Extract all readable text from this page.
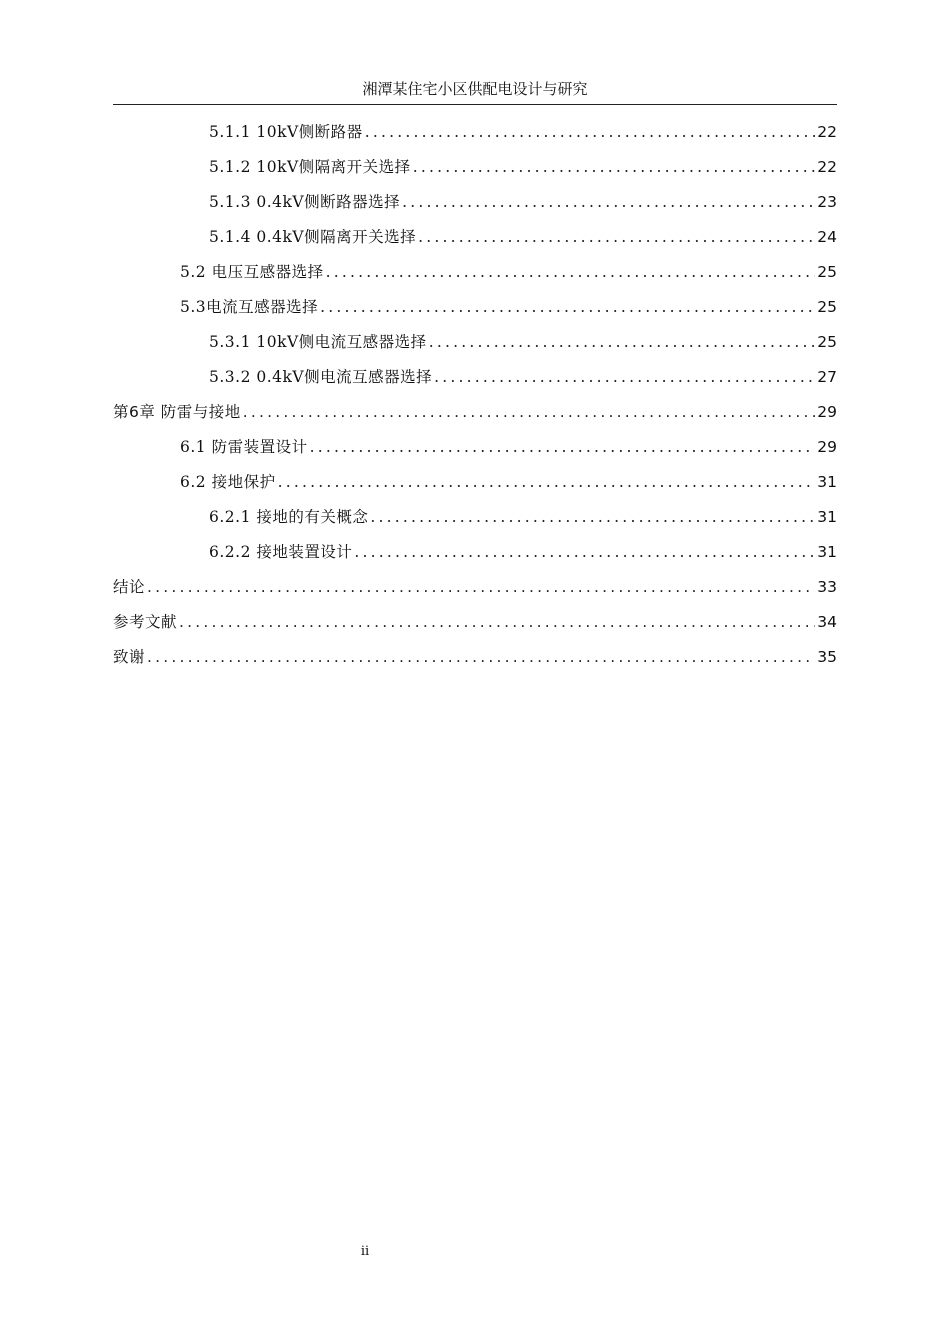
湘潭某住宅小区供配电设计与研究
5.1.1 10kV侧断路器 .....	22
5.1.2 10kV侧隔离开关选择 .....	22
5.1.3 0.4kV侧断路器选择 .....	23
5.1.4 0.4kV侧隔离开关选择 .....	24
5.2 电压互感器选择 .....	25
5.3电流互感器选择 .....	25
5.3.1 10kV侧电流互感器选择 .....	25
5.3.2 0.4kV侧电流互感器选择 .....	27
第6章 防雷与接地 .....	29
6.1 防雷装置设计 .....	29
6.2 接地保护 .....	31
6.2.1 接地的有关概念 .....	31
6.2.2 接地装置设计 .....	31
结论 .....	33
参考文献 .....	34
致谢 .....	35
ii
